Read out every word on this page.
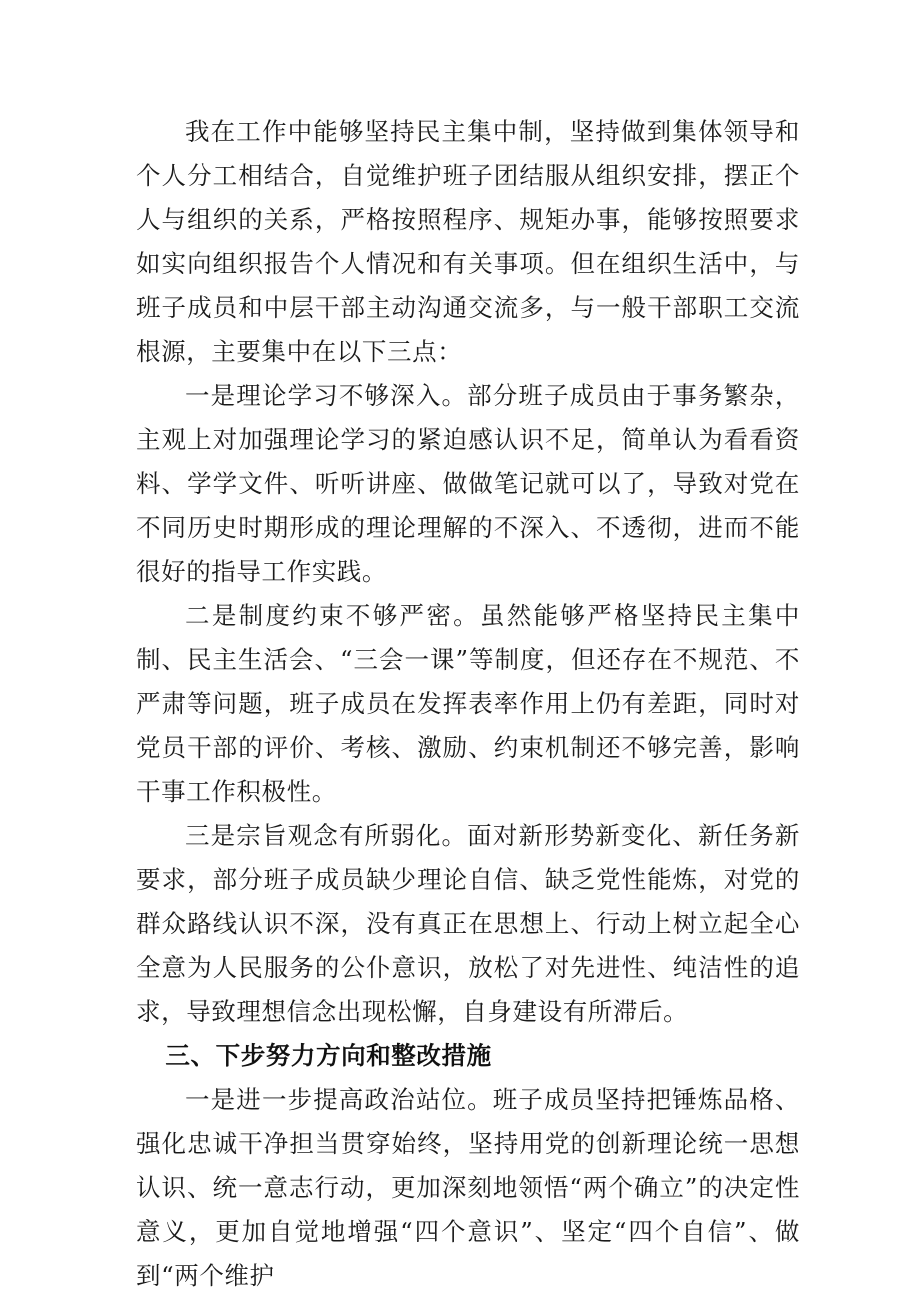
我在工作中能够坚持民主集中制，坚持做到集体领导和个人分工相结合，自觉维护班子团结服从组织安排，摆正个人与组织的关系，严格按照程序、规矩办事，能够按照要求如实向组织报告个人情况和有关事项。但在组织生活中，与班子成员和中层干部主动沟通交流多，与一般干部职工交流根源，主要集中在以下三点：

一是理论学习不够深入。部分班子成员由于事务繁杂，主观上对加强理论学习的紧迫感认识不足，简单认为看看资料、学学文件、听听讲座、做做笔记就可以了，导致对党在不同历史时期形成的理论理解的不深入、不透彻，进而不能很好的指导工作实践。

二是制度约束不够严密。虽然能够严格坚持民主集中制、民主生活会、“三会一课”等制度，但还存在不规范、不严肃等问题，班子成员在发挥表率作用上仍有差距，同时对党员干部的评价、考核、激励、约束机制还不够完善，影响干事工作积极性。

三是宗旨观念有所弱化。面对新形势新变化、新任务新要求，部分班子成员缺少理论自信、缺乏党性能炼，对党的群众路线认识不深，没有真正在思想上、行动上树立起全心全意为人民服务的公仆意识，放松了对先进性、纯洁性的追求，导致理想信念出现松懈，自身建设有所滞后。

三、下步努力方向和整改措施

一是进一步提高政治站位。班子成员坚持把锤炼品格、强化忠诚干净担当贯穿始终，坚持用党的创新理论统一思想认识、统一意志行动，更加深刻地领悟“两个确立”的决定性意义，更加自觉地增强“四个意识”、坚定“四个自信”、做到“两个维护
